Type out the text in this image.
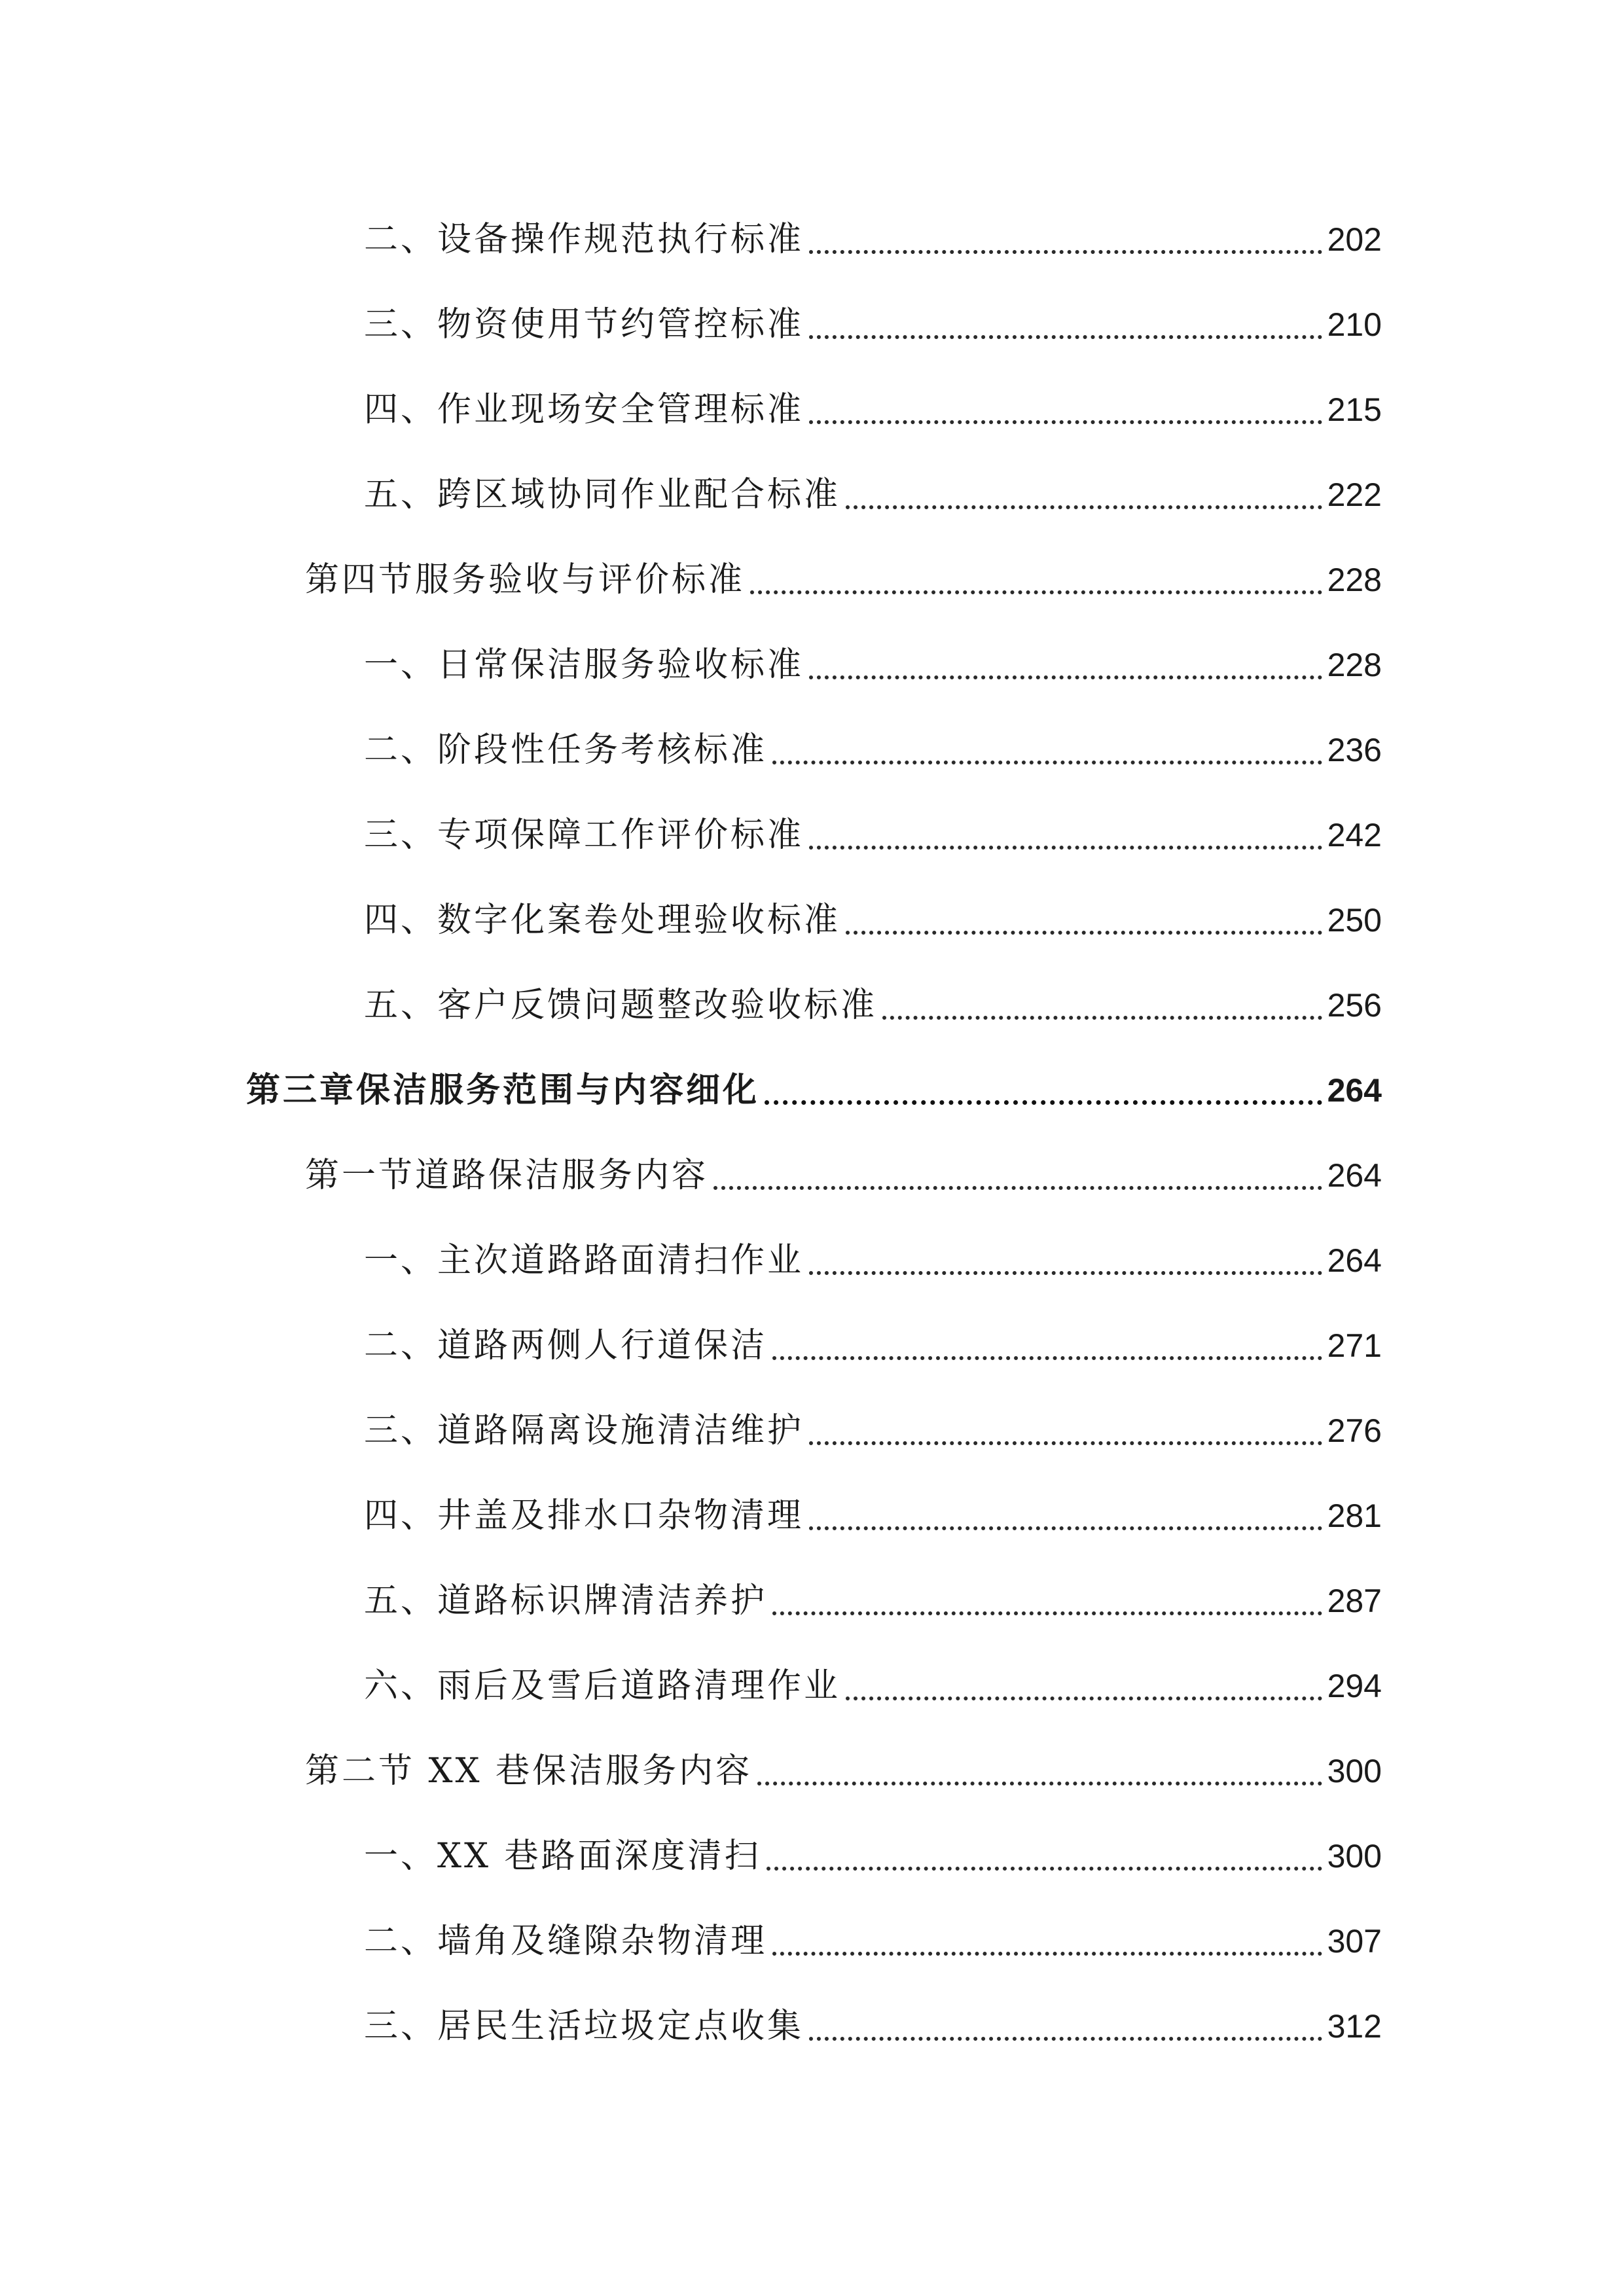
二、设备操作规范执行标准	202
三、物资使用节约管控标准	210
四、作业现场安全管理标准	215
五、跨区域协同作业配合标准	222
第四节服务验收与评价标准	228
一、日常保洁服务验收标准	228
二、阶段性任务考核标准	236
三、专项保障工作评价标准	242
四、数字化案卷处理验收标准	250
五、客户反馈问题整改验收标准	256
第三章保洁服务范围与内容细化	264
第一节道路保洁服务内容	264
一、主次道路路面清扫作业	264
二、道路两侧人行道保洁	271
三、道路隔离设施清洁维护	276
四、井盖及排水口杂物清理	281
五、道路标识牌清洁养护	287
六、雨后及雪后道路清理作业	294
第二节 XX 巷保洁服务内容	300
一、XX 巷路面深度清扫	300
二、墙角及缝隙杂物清理	307
三、居民生活垃圾定点收集	312
